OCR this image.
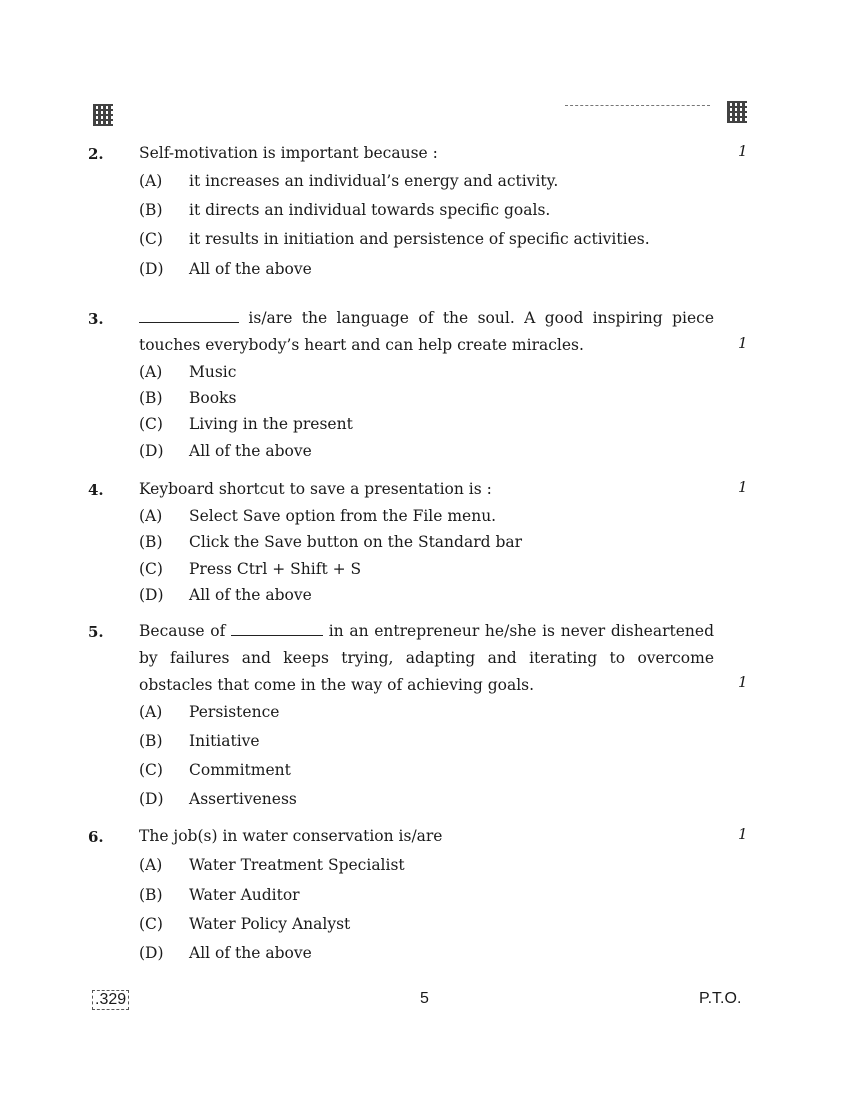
2. Self-motivation is important because :	1
(A) it increases an individual’s energy and activity.
(B) it directs an individual towards specific goals.
(C) it results in initiation and persistence of specific activities.
(D) All of the above
3.	is/are the language of the soul. A good inspiring piece touches everybody’s heart and can help create miracles.	1
(A) Music
(B) Books
(C) Living in the present
(D) All of the above
4. Keyboard shortcut to save a presentation is :	1
(A) Select Save option from the File menu.
(B) Click the Save button on the Standard bar
(C) Press Ctrl + Shift + S
(D) All of the above
5. Because of	in an entrepreneur he/she is never disheartened by failures and keeps trying, adapting and iterating to overcome obstacles that come in the way of achieving goals.	1
(A) Persistence
(B) Initiative
(C) Commitment
(D) Assertiveness
6. The job(s) in water conservation is/are	1
(A) Water Treatment Specialist
(B) Water Auditor
(C) Water Policy Analyst
(D) All of the above
.329	5	P.T.O.
